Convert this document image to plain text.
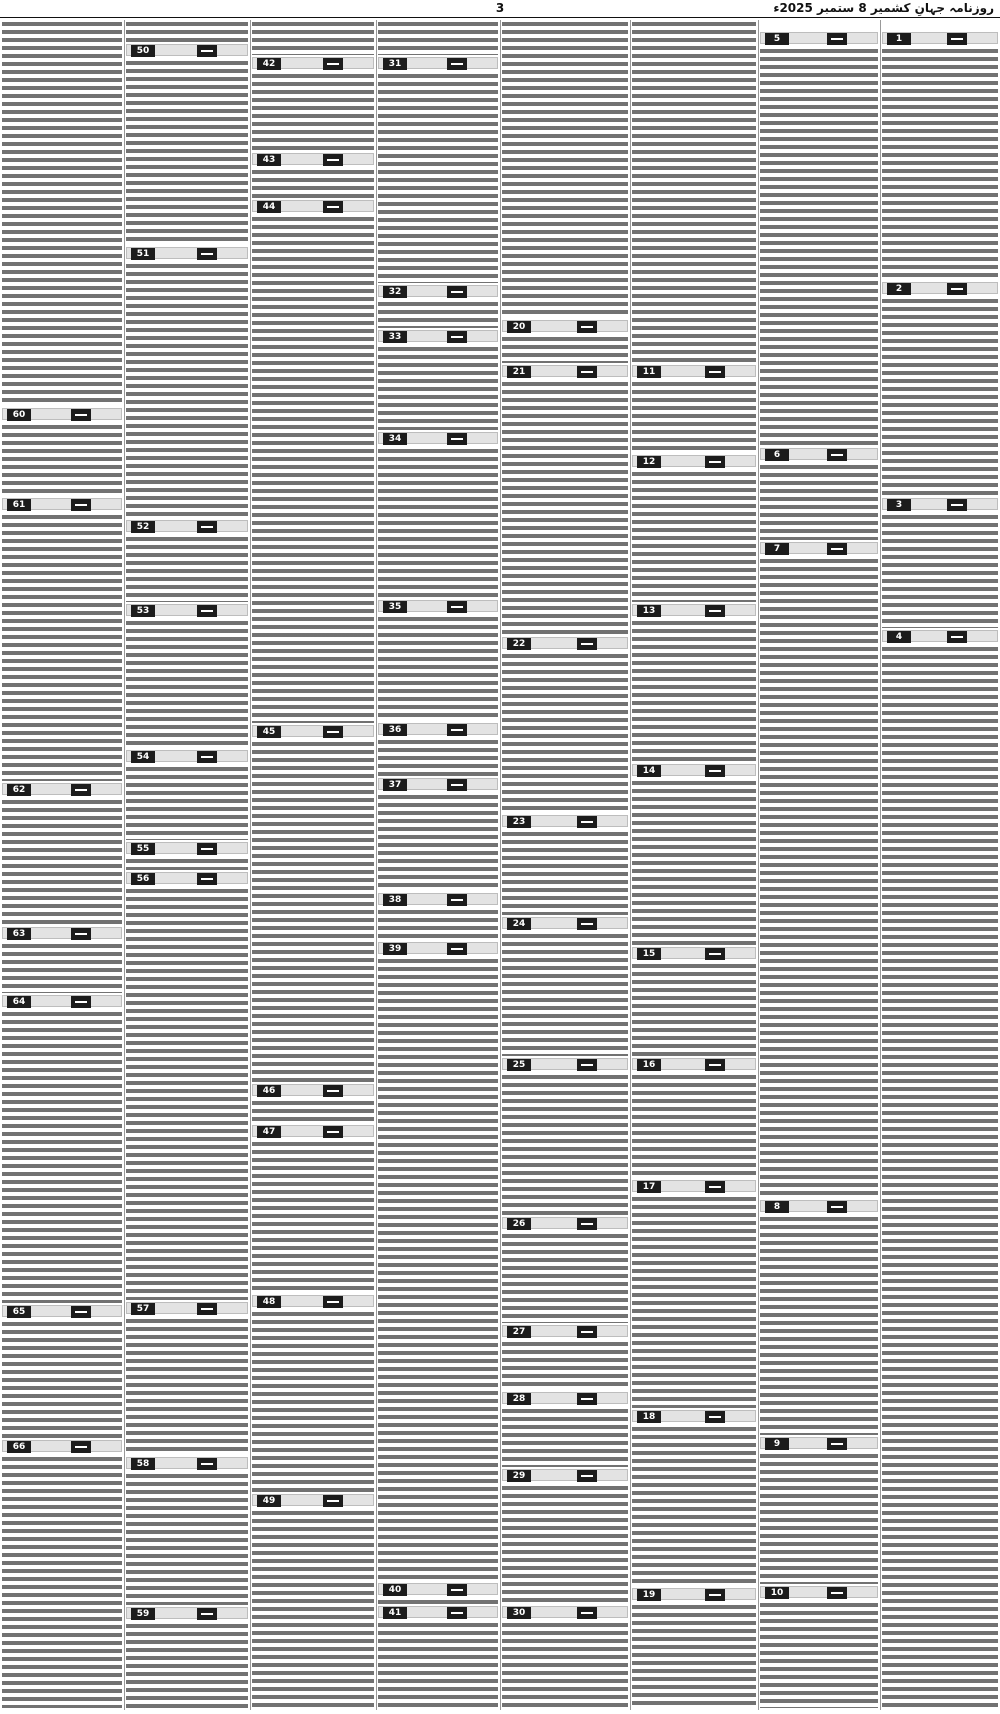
3	روزنامہ جہانِ کشمیر 8 ستمبر 2025ء
1
2
3
4
5
6
7
8
9
10
11
12
13
14
15
16
17
18
19
20
21
22
23
24
25
26
27
28
29
30
31
32
33
34
35
36
37
38
39
40
41
42
43
44
45
46
47
48
49
50
51
52
53
54
55
56
57
58
59
60
61
62
63
64
65
66
